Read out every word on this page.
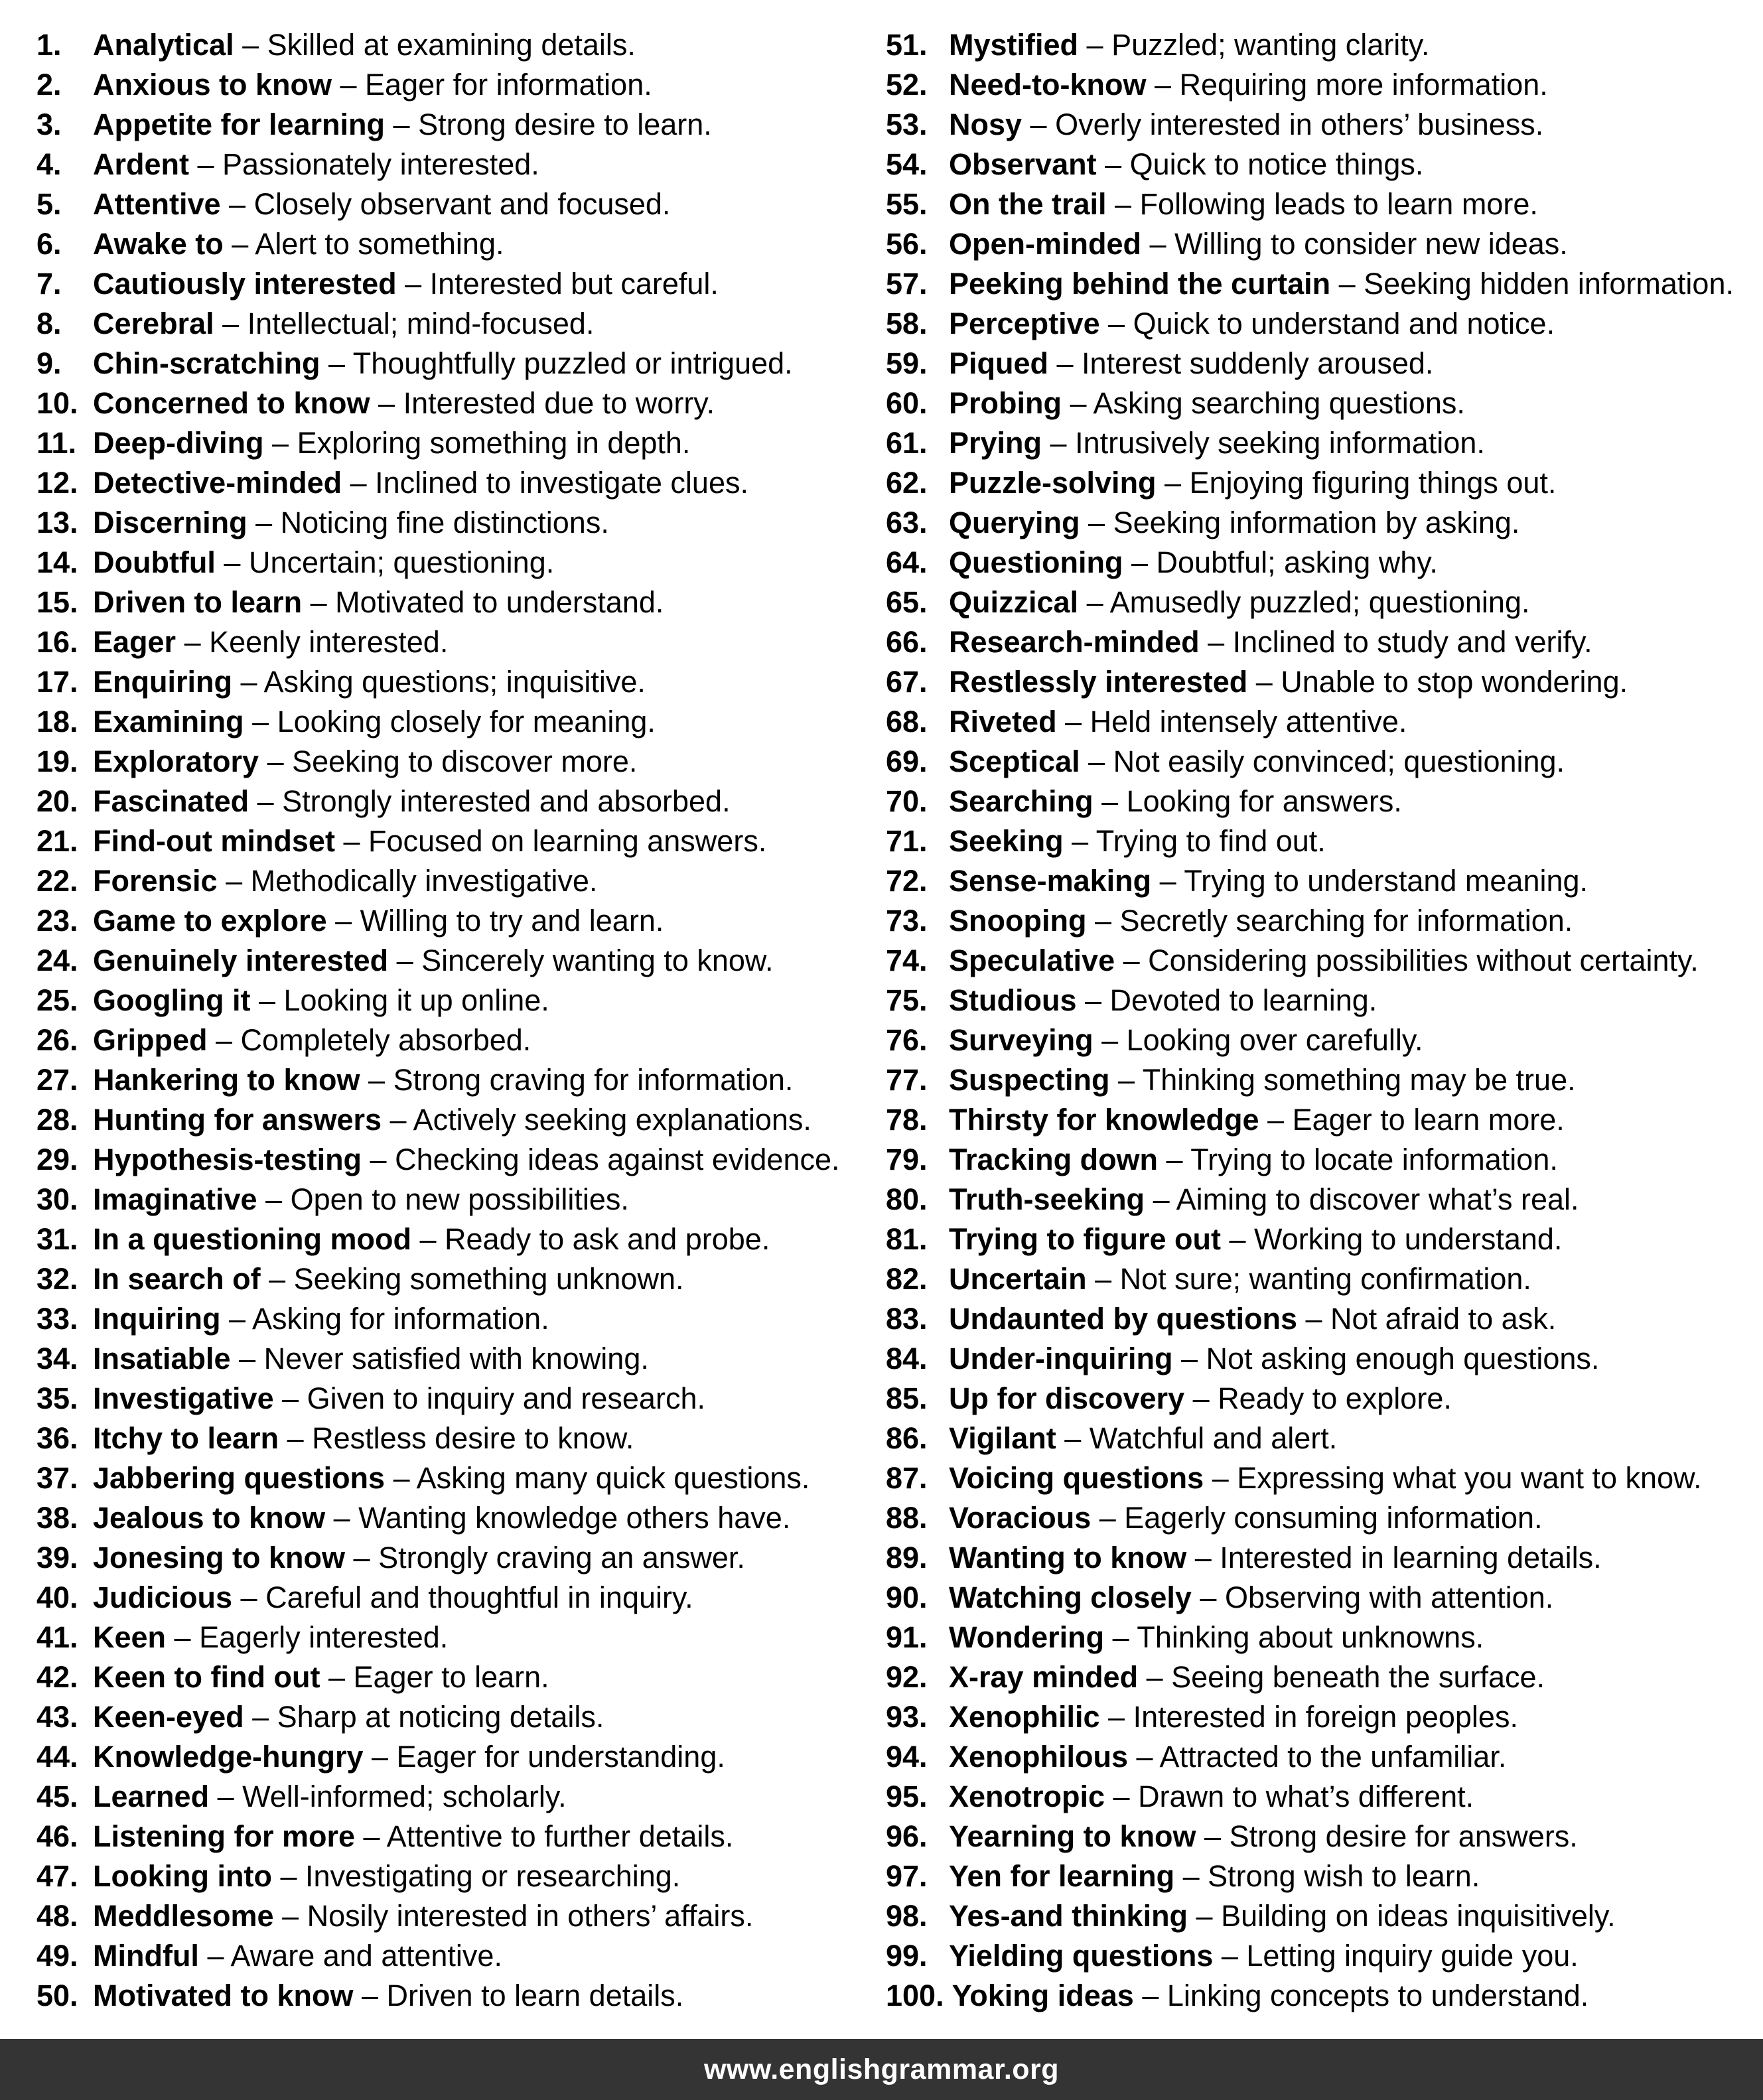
1.	Analytical – Skilled at examining details.
2.	Anxious to know – Eager for information.
3.	Appetite for learning – Strong desire to learn.
4.	Ardent – Passionately interested.
5.	Attentive – Closely observant and focused.
6.	Awake to – Alert to something.
7.	Cautiously interested – Interested but careful.
8.	Cerebral – Intellectual; mind-focused.
9.	Chin-scratching – Thoughtfully puzzled or intrigued.
10. Concerned to know – Interested due to worry.
11. Deep-diving – Exploring something in depth.
12. Detective-minded – Inclined to investigate clues.
13. Discerning – Noticing fine distinctions.
14. Doubtful – Uncertain; questioning.
15. Driven to learn – Motivated to understand.
16. Eager – Keenly interested.
17. Enquiring – Asking questions; inquisitive.
18. Examining – Looking closely for meaning.
19. Exploratory – Seeking to discover more.
20. Fascinated – Strongly interested and absorbed.
21. Find-out mindset – Focused on learning answers.
22. Forensic – Methodically investigative.
23. Game to explore – Willing to try and learn.
24. Genuinely interested – Sincerely wanting to know.
25. Googling it – Looking it up online.
26. Gripped – Completely absorbed.
27. Hankering to know – Strong craving for information.
28. Hunting for answers – Actively seeking explanations.
29. Hypothesis-testing – Checking ideas against evidence.
30. Imaginative – Open to new possibilities.
31. In a questioning mood – Ready to ask and probe.
32. In search of – Seeking something unknown.
33. Inquiring – Asking for information.
34. Insatiable – Never satisfied with knowing.
35. Investigative – Given to inquiry and research.
36. Itchy to learn – Restless desire to know.
37. Jabbering questions – Asking many quick questions.
38. Jealous to know – Wanting knowledge others have.
39. Jonesing to know – Strongly craving an answer.
40. Judicious – Careful and thoughtful in inquiry.
41. Keen – Eagerly interested.
42. Keen to find out – Eager to learn.
43. Keen-eyed – Sharp at noticing details.
44. Knowledge-hungry – Eager for understanding.
45. Learned – Well-informed; scholarly.
46. Listening for more – Attentive to further details.
47. Looking into – Investigating or researching.
48. Meddlesome – Nosily interested in others’ affairs.
49. Mindful – Aware and attentive.
50. Motivated to know – Driven to learn details.
51. Mystified – Puzzled; wanting clarity.
52. Need-to-know – Requiring more information.
53. Nosy – Overly interested in others’ business.
54. Observant – Quick to notice things.
55. On the trail – Following leads to learn more.
56. Open-minded – Willing to consider new ideas.
57. Peeking behind the curtain – Seeking hidden information.
58. Perceptive – Quick to understand and notice.
59. Piqued – Interest suddenly aroused.
60. Probing – Asking searching questions.
61. Prying – Intrusively seeking information.
62. Puzzle-solving – Enjoying figuring things out.
63. Querying – Seeking information by asking.
64. Questioning – Doubtful; asking why.
65. Quizzical – Amusedly puzzled; questioning.
66. Research-minded – Inclined to study and verify.
67. Restlessly interested – Unable to stop wondering.
68. Riveted – Held intensely attentive.
69. Sceptical – Not easily convinced; questioning.
70. Searching – Looking for answers.
71. Seeking – Trying to find out.
72. Sense-making – Trying to understand meaning.
73. Snooping – Secretly searching for information.
74. Speculative – Considering possibilities without certainty.
75. Studious – Devoted to learning.
76. Surveying – Looking over carefully.
77. Suspecting – Thinking something may be true.
78. Thirsty for knowledge – Eager to learn more.
79. Tracking down – Trying to locate information.
80. Truth-seeking – Aiming to discover what’s real.
81. Trying to figure out – Working to understand.
82. Uncertain – Not sure; wanting confirmation.
83. Undaunted by questions – Not afraid to ask.
84. Under-inquiring – Not asking enough questions.
85. Up for discovery – Ready to explore.
86. Vigilant – Watchful and alert.
87. Voicing questions – Expressing what you want to know.
88. Voracious – Eagerly consuming information.
89. Wanting to know – Interested in learning details.
90. Watching closely – Observing with attention.
91. Wondering – Thinking about unknowns.
92. X-ray minded – Seeing beneath the surface.
93. Xenophilic – Interested in foreign peoples.
94. Xenophilous – Attracted to the unfamiliar.
95. Xenotropic – Drawn to what’s different.
96. Yearning to know – Strong desire for answers.
97. Yen for learning – Strong wish to learn.
98. Yes-and thinking – Building on ideas inquisitively.
99. Yielding questions – Letting inquiry guide you.
100. Yoking ideas – Linking concepts to understand.
www.englishgrammar.org
